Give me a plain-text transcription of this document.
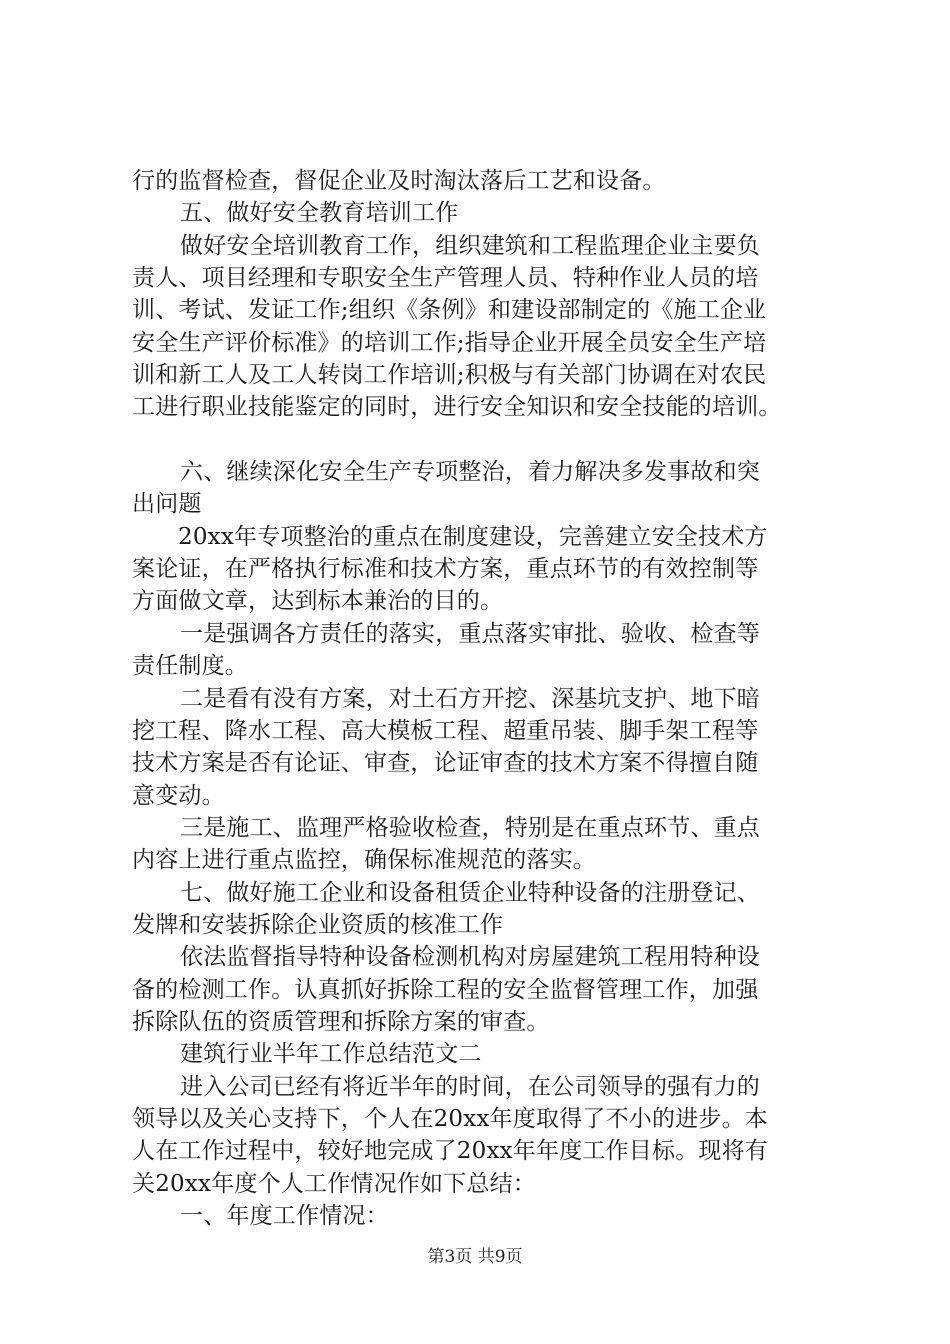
行的监督检查，督促企业及时淘汰落后工艺和设备。
五、做好安全教育培训工作
做好安全培训教育工作，组织建筑和工程监理企业主要负
责人、项目经理和专职安全生产管理人员、特种作业人员的培
训、考试、发证工作;组织《条例》和建设部制定的《施工企业
安全生产评价标准》的培训工作;指导企业开展全员安全生产培
训和新工人及工人转岗工作培训;积极与有关部门协调在对农民
工进行职业技能鉴定的同时，进行安全知识和安全技能的培训。
六、继续深化安全生产专项整治，着力解决多发事故和突
出问题
20xx年专项整治的重点在制度建设，完善建立安全技术方
案论证，在严格执行标准和技术方案，重点环节的有效控制等
方面做文章，达到标本兼治的目的。
一是强调各方责任的落实，重点落实审批、验收、检查等
责任制度。
二是看有没有方案，对土石方开挖、深基坑支护、地下暗
挖工程、降水工程、高大模板工程、超重吊装、脚手架工程等
技术方案是否有论证、审查，论证审查的技术方案不得擅自随
意变动。
三是施工、监理严格验收检查，特别是在重点环节、重点
内容上进行重点监控，确保标准规范的落实。
七、做好施工企业和设备租赁企业特种设备的注册登记、
发牌和安装拆除企业资质的核准工作
依法监督指导特种设备检测机构对房屋建筑工程用特种设
备的检测工作。认真抓好拆除工程的安全监督管理工作，加强
拆除队伍的资质管理和拆除方案的审查。
建筑行业半年工作总结范文二
进入公司已经有将近半年的时间，在公司领导的强有力的
领导以及关心支持下，个人在20xx年度取得了不小的进步。本
人在工作过程中，较好地完成了20xx年年度工作目标。现将有
关20xx年度个人工作情况作如下总结：
一、年度工作情况：
第3页 共9页
